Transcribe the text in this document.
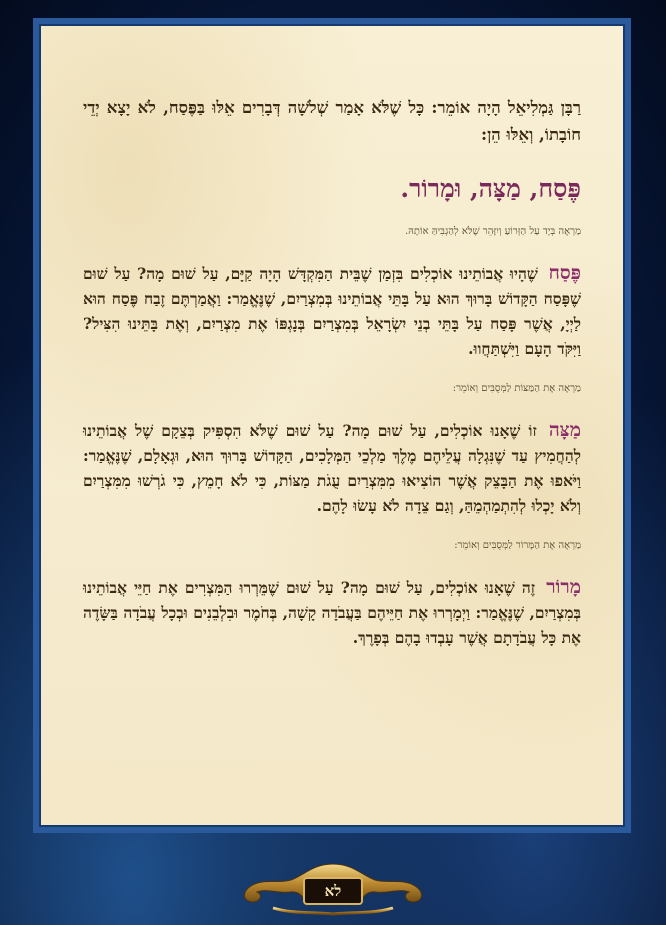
רַבָּן גַּמְלִיאֵל הָיָה אוֹמֵר: כָּל שֶׁלֹּא אָמַר שְׁלֹשָׁה דְּבָרִים אֵלּוּ בַּפֶּסַח, לֹא יָצָא יְדֵי חוֹבָתוֹ, וְאֵלּוּ הֵן:

פֶּסַח, מַצָּה, וּמָרוֹר.
מַרְאֶה בְּיָד עַל הַזְּרוֹעַ וְיִזָּהֵר שֶׁלֹּא לְהַגְבִּיהַּ אוֹתָהּ.

פֶּסַח שֶׁהָיוּ אֲבוֹתֵינוּ אוֹכְלִים בִּזְמַן שֶׁבֵּית הַמִּקְדָּשׁ הָיָה קַיָּם, עַל שׁוּם מָה? עַל שׁוּם שֶׁפָּסַח הַקָּדוֹשׁ בָּרוּךְ הוּא עַל בָּתֵּי אֲבוֹתֵינוּ בְּמִצְרַיִם, שֶׁנֶּאֱמַר: וַאֲמַרְתֶּם זֶבַח פֶּסַח הוּא לַיְיָ, אֲשֶׁר פָּסַח עַל בָּתֵּי בְנֵי יִשְׂרָאֵל בְּמִצְרַיִם בְּנָגְפּוֹ אֶת מִצְרַיִם, וְאֶת בָּתֵּינוּ הִצִּיל? וַיִּקֹּד הָעָם וַיִּשְׁתַּחֲווּ.

מַרְאֶה אֶת הַמַּצּוֹת לַמְּסֻבִּים וְאוֹמֵר:

מַצָּה זוֹ שֶׁאָנוּ אוֹכְלִים, עַל שׁוּם מָה? עַל שׁוּם שֶׁלֹּא הִסְפִּיק בְּצֵקָם שֶׁל אֲבוֹתֵינוּ לְהַחֲמִיץ עַד שֶׁנִּגְלָה עֲלֵיהֶם מֶלֶךְ מַלְכֵי הַמְּלָכִים, הַקָּדוֹשׁ בָּרוּךְ הוּא, וּגְאָלָם, שֶׁנֶּאֱמַר: וַיֹּאפוּ אֶת הַבָּצֵק אֲשֶׁר הוֹצִיאוּ מִמִּצְרַיִם עֻגֹת מַצּוֹת, כִּי לֹא חָמֵץ, כִּי גֹרְשׁוּ מִמִּצְרַיִם וְלֹא יָכְלוּ לְהִתְמַהְמֵהַּ, וְגַם צֵדָה לֹא עָשׂוּ לָהֶם.

מַרְאֶה אֶת הַמָּרוֹר לַמְּסֻבִּים וְאוֹמֵר:

מָרוֹר זֶה שֶׁאָנוּ אוֹכְלִים, עַל שׁוּם מָה? עַל שׁוּם שֶׁמֵּרְרוּ הַמִּצְרִים אֶת חַיֵּי אֲבוֹתֵינוּ בְּמִצְרַיִם, שֶׁנֶּאֱמַר: וַיְמָרְרוּ אֶת חַיֵּיהֶם בַּעֲבֹדָה קָשָׁה, בְּחֹמֶר וּבִלְבֵנִים וּבְכָל עֲבֹדָה בַּשָּׂדֶה אֶת כָּל עֲבֹדָתָם אֲשֶׁר עָבְדוּ בָהֶם בְּפָרֶךְ.

לא
